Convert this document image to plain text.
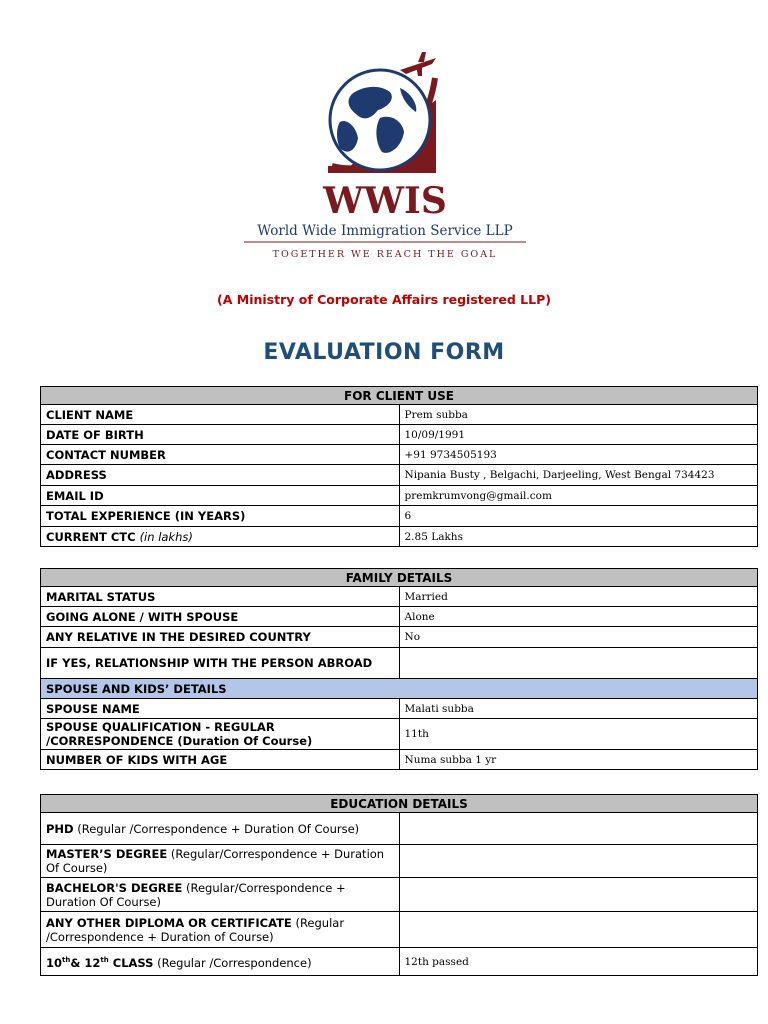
WWIS
World Wide Immigration Service LLP
TOGETHER WE REACH THE GOAL
(A Ministry of Corporate Affairs registered LLP)
EVALUATION FORM
FOR CLIENT USE	
CLIENT NAME	Prem subba
DATE OF BIRTH	10/09/1991
CONTACT NUMBER	+91 9734505193
ADDRESS	Nipania Busty , Belgachi, Darjeeling, West Bengal 734423
EMAIL ID	premkrumvong@gmail.com
TOTAL EXPERIENCE (IN YEARS)	6
CURRENT CTC (in lakhs)	2.85 Lakhs
FAMILY DETAILS	
MARITAL STATUS	Married
GOING ALONE / WITH SPOUSE	Alone
ANY RELATIVE IN THE DESIRED COUNTRY	No
IF YES, RELATIONSHIP WITH THE PERSON ABROAD	
SPOUSE AND KIDS’ DETAILS	
SPOUSE NAME	Malati subba
SPOUSE QUALIFICATION - REGULAR /CORRESPONDENCE (Duration Of Course)	11th
NUMBER OF KIDS WITH AGE	Numa subba 1 yr
EDUCATION DETAILS	
PHD (Regular /Correspondence + Duration Of Course)	
MASTER’S DEGREE (Regular/Correspondence + Duration Of Course)	
BACHELOR'S DEGREE (Regular/Correspondence + Duration Of Course)	
ANY OTHER DIPLOMA OR CERTIFICATE (Regular /Correspondence + Duration of Course)	
10th& 12th CLASS (Regular /Correspondence)	12th passed
